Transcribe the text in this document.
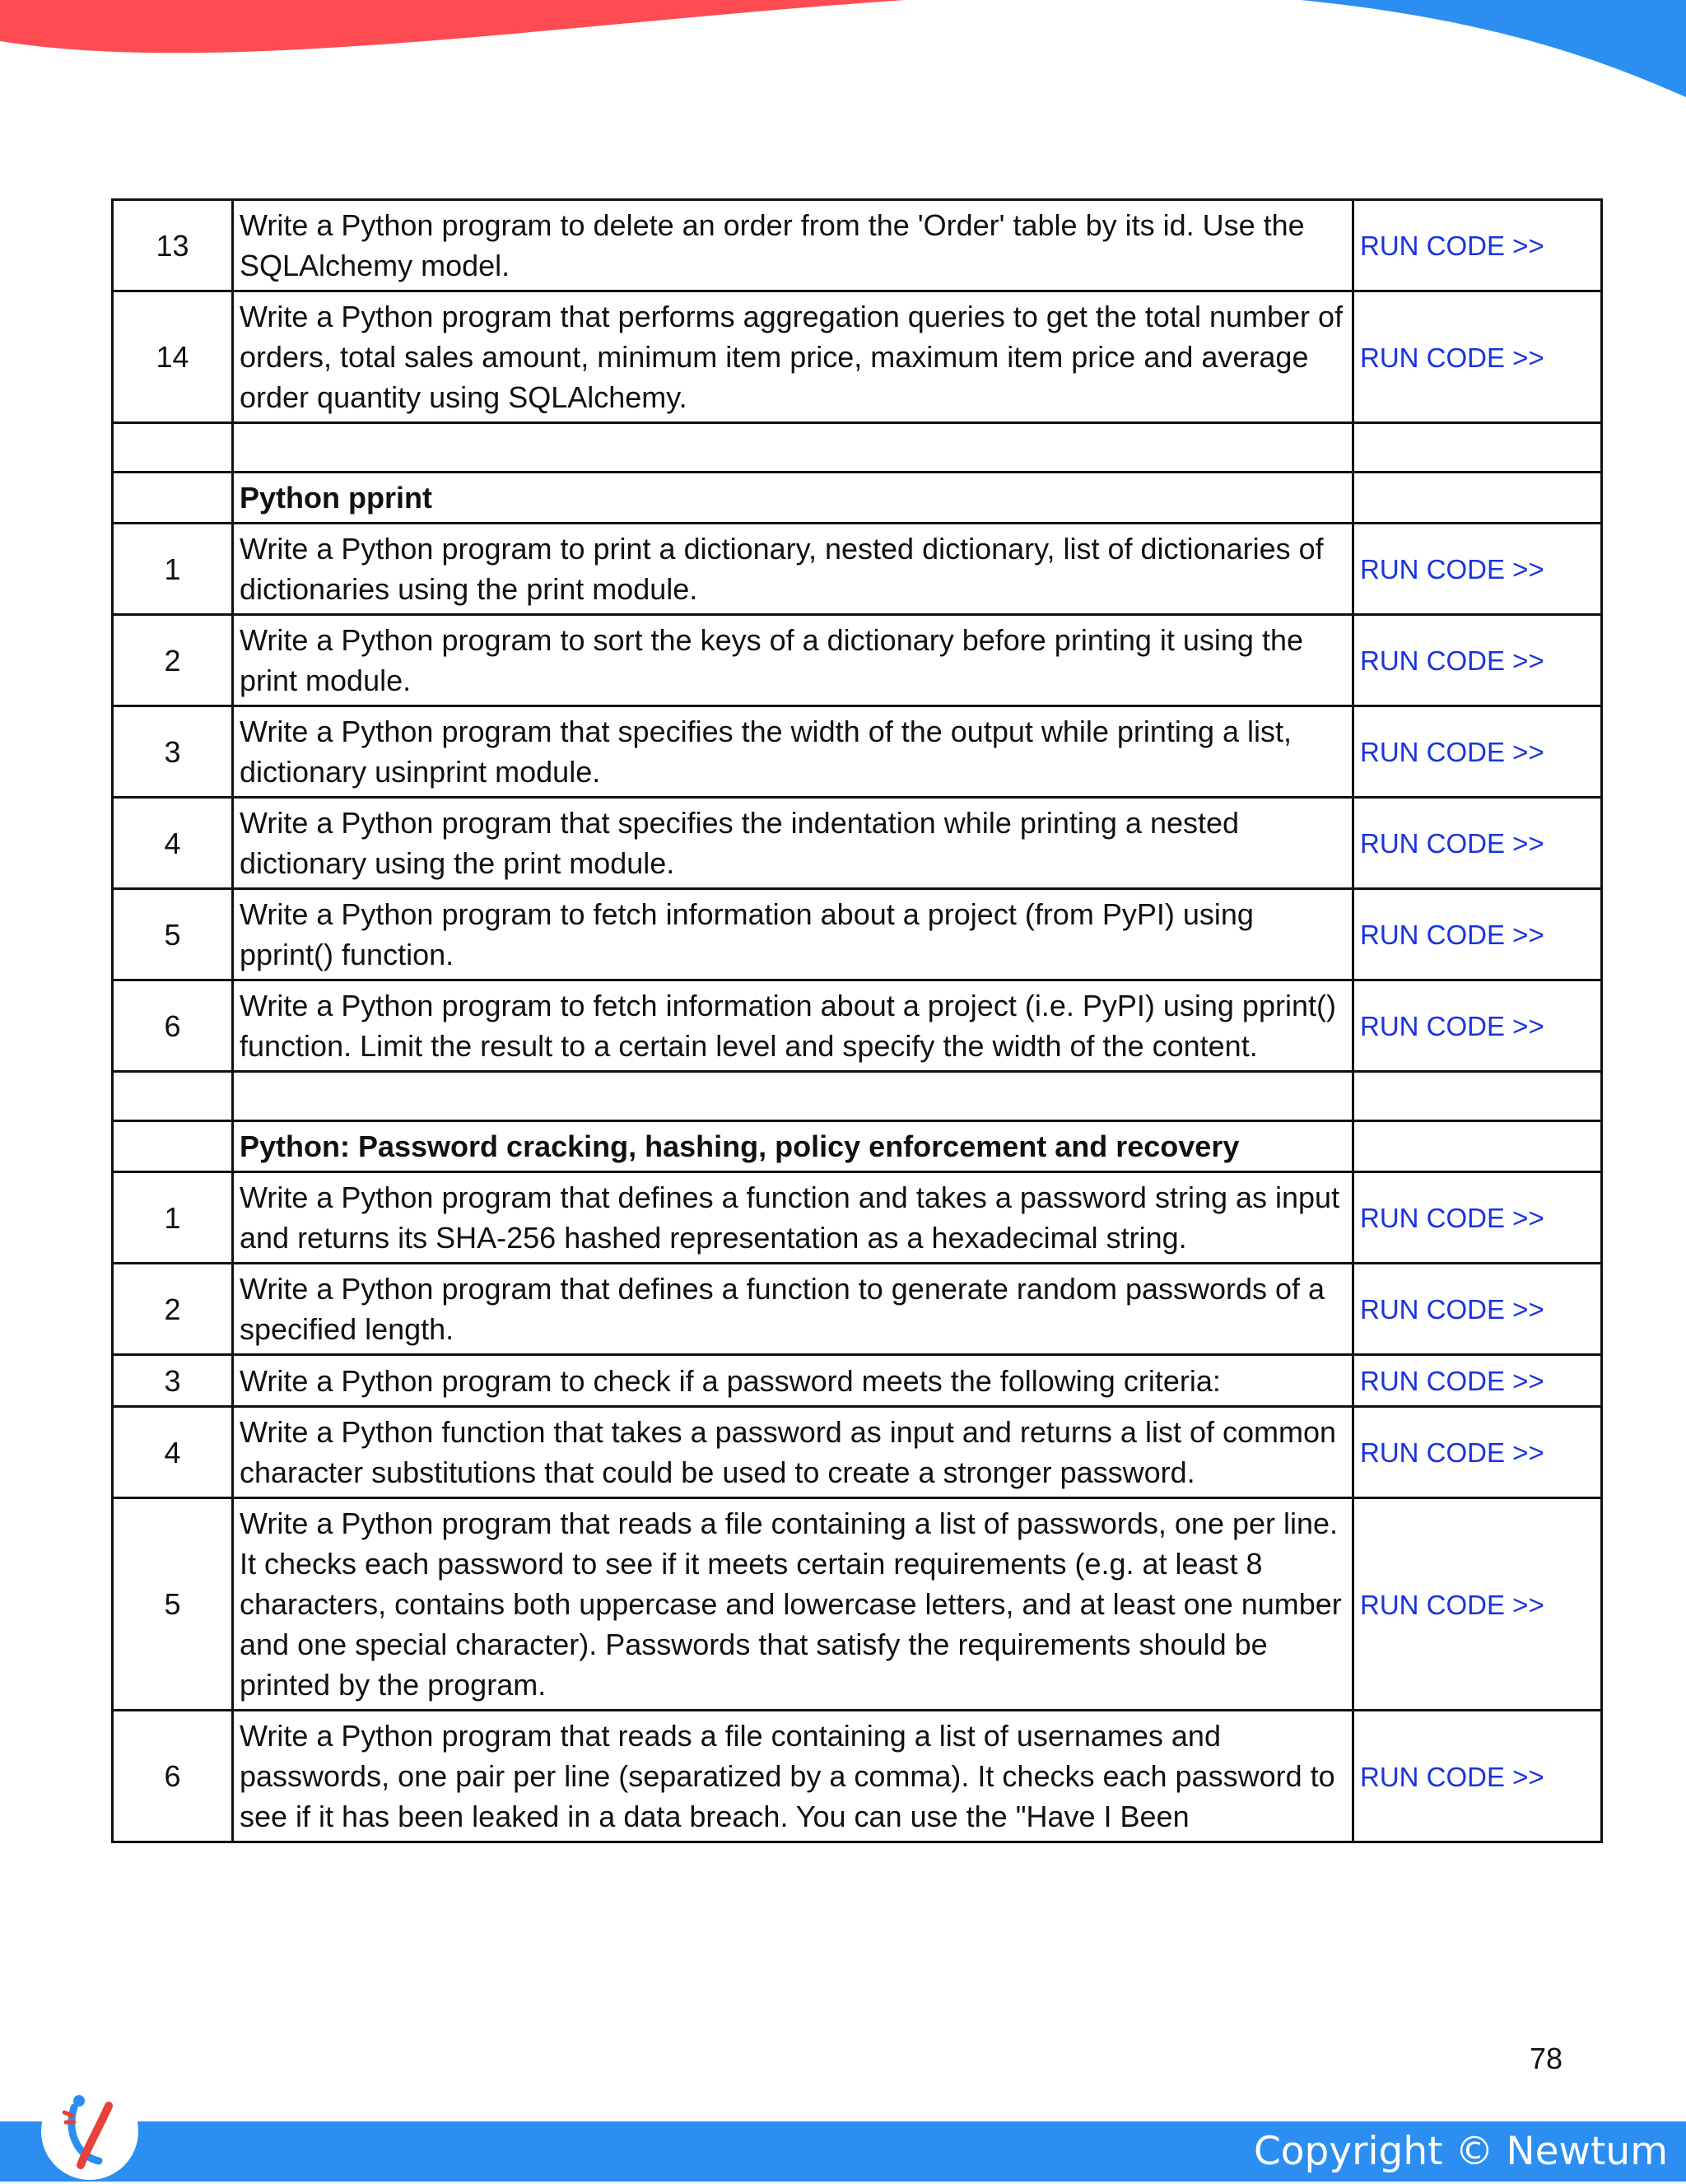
13	Write a Python program to delete an order from the 'Order' table by its id. Use the SQLAlchemy model.	RUN CODE >>
14	Write a Python program that performs aggregation queries to get the total number of orders, total sales amount, minimum item price, maximum item price and average order quantity using SQLAlchemy.	RUN CODE >>

	Python pprint	
1	Write a Python program to print a dictionary, nested dictionary, list of dictionaries of dictionaries using the print module.	RUN CODE >>
2	Write a Python program to sort the keys of a dictionary before printing it using the print module.	RUN CODE >>
3	Write a Python program that specifies the width of the output while printing a list, dictionary usinprint module.	RUN CODE >>
4	Write a Python program that specifies the indentation while printing a nested dictionary using the print module.	RUN CODE >>
5	Write a Python program to fetch information about a project (from PyPI) using pprint() function.	RUN CODE >>
6	Write a Python program to fetch information about a project (i.e. PyPI) using pprint() function. Limit the result to a certain level and specify the width of the content.	RUN CODE >>

	Python: Password cracking, hashing, policy enforcement and recovery	
1	Write a Python program that defines a function and takes a password string as input and returns its SHA-256 hashed representation as a hexadecimal string.	RUN CODE >>
2	Write a Python program that defines a function to generate random passwords of a specified length.	RUN CODE >>
3	Write a Python program to check if a password meets the following criteria:	RUN CODE >>
4	Write a Python function that takes a password as input and returns a list of common character substitutions that could be used to create a stronger password.	RUN CODE >>
5	Write a Python program that reads a file containing a list of passwords, one per line. It checks each password to see if it meets certain requirements (e.g. at least 8 characters, contains both uppercase and lowercase letters, and at least one number and one special character). Passwords that satisfy the requirements should be printed by the program.	RUN CODE >>
6	Write a Python program that reads a file containing a list of usernames and passwords, one pair per line (separatized by a comma). It checks each password to see if it has been leaked in a data breach. You can use the "Have I Been	RUN CODE >>
78
Copyright © Newtum
